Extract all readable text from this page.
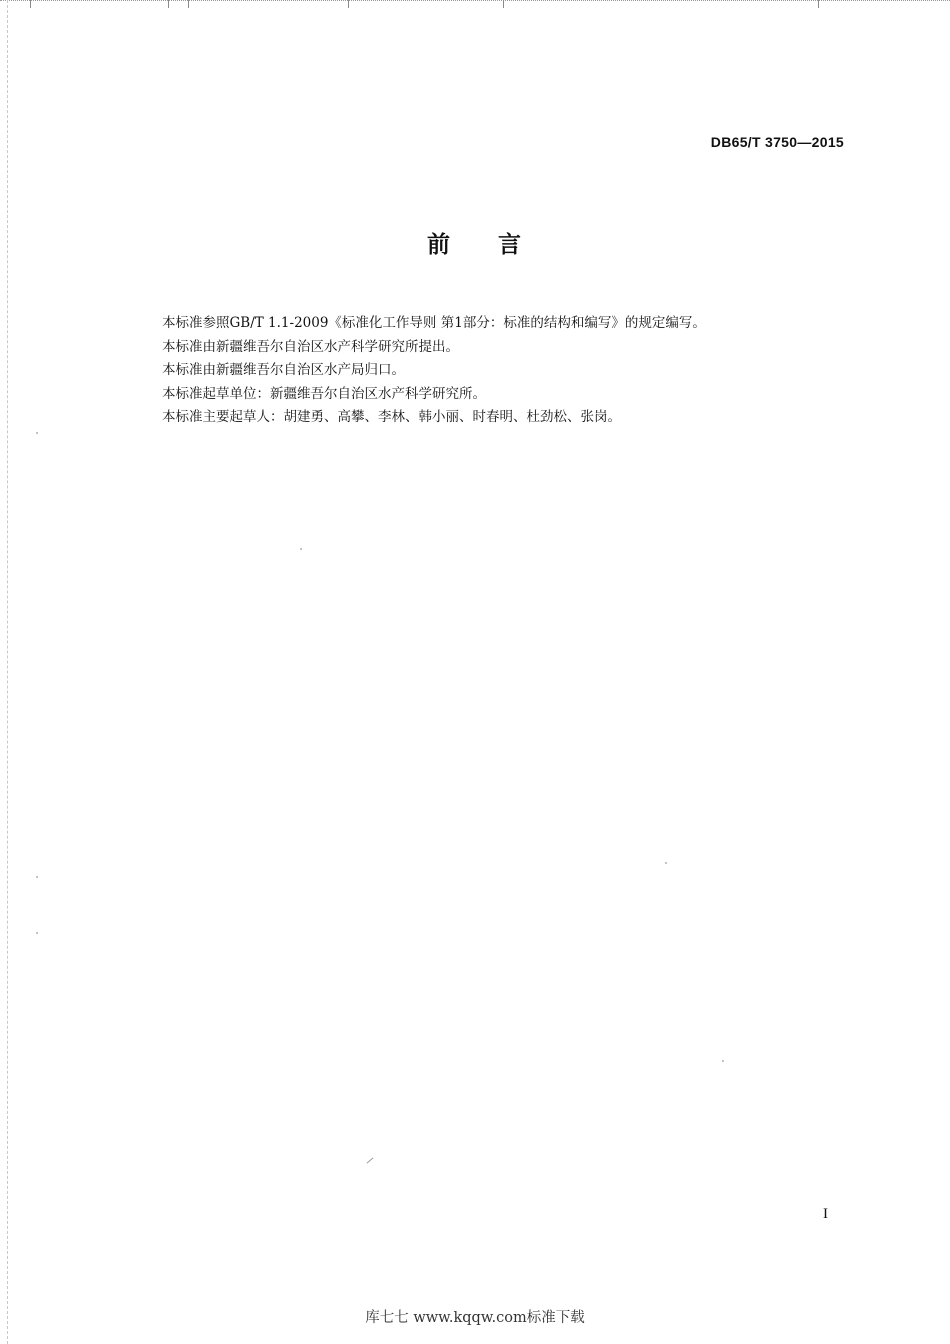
DB65/T 3750—2015
前 言
本标准参照GB/T 1.1-2009《标准化工作导则 第1部分：标准的结构和编写》的规定编写。
本标准由新疆维吾尔自治区水产科学研究所提出。
本标准由新疆维吾尔自治区水产局归口。
本标准起草单位：新疆维吾尔自治区水产科学研究所。
本标准主要起草人：胡建勇、高攀、李林、韩小丽、时春明、杜劲松、张岗。
I
库七七 www.kqqw.com标准下载
